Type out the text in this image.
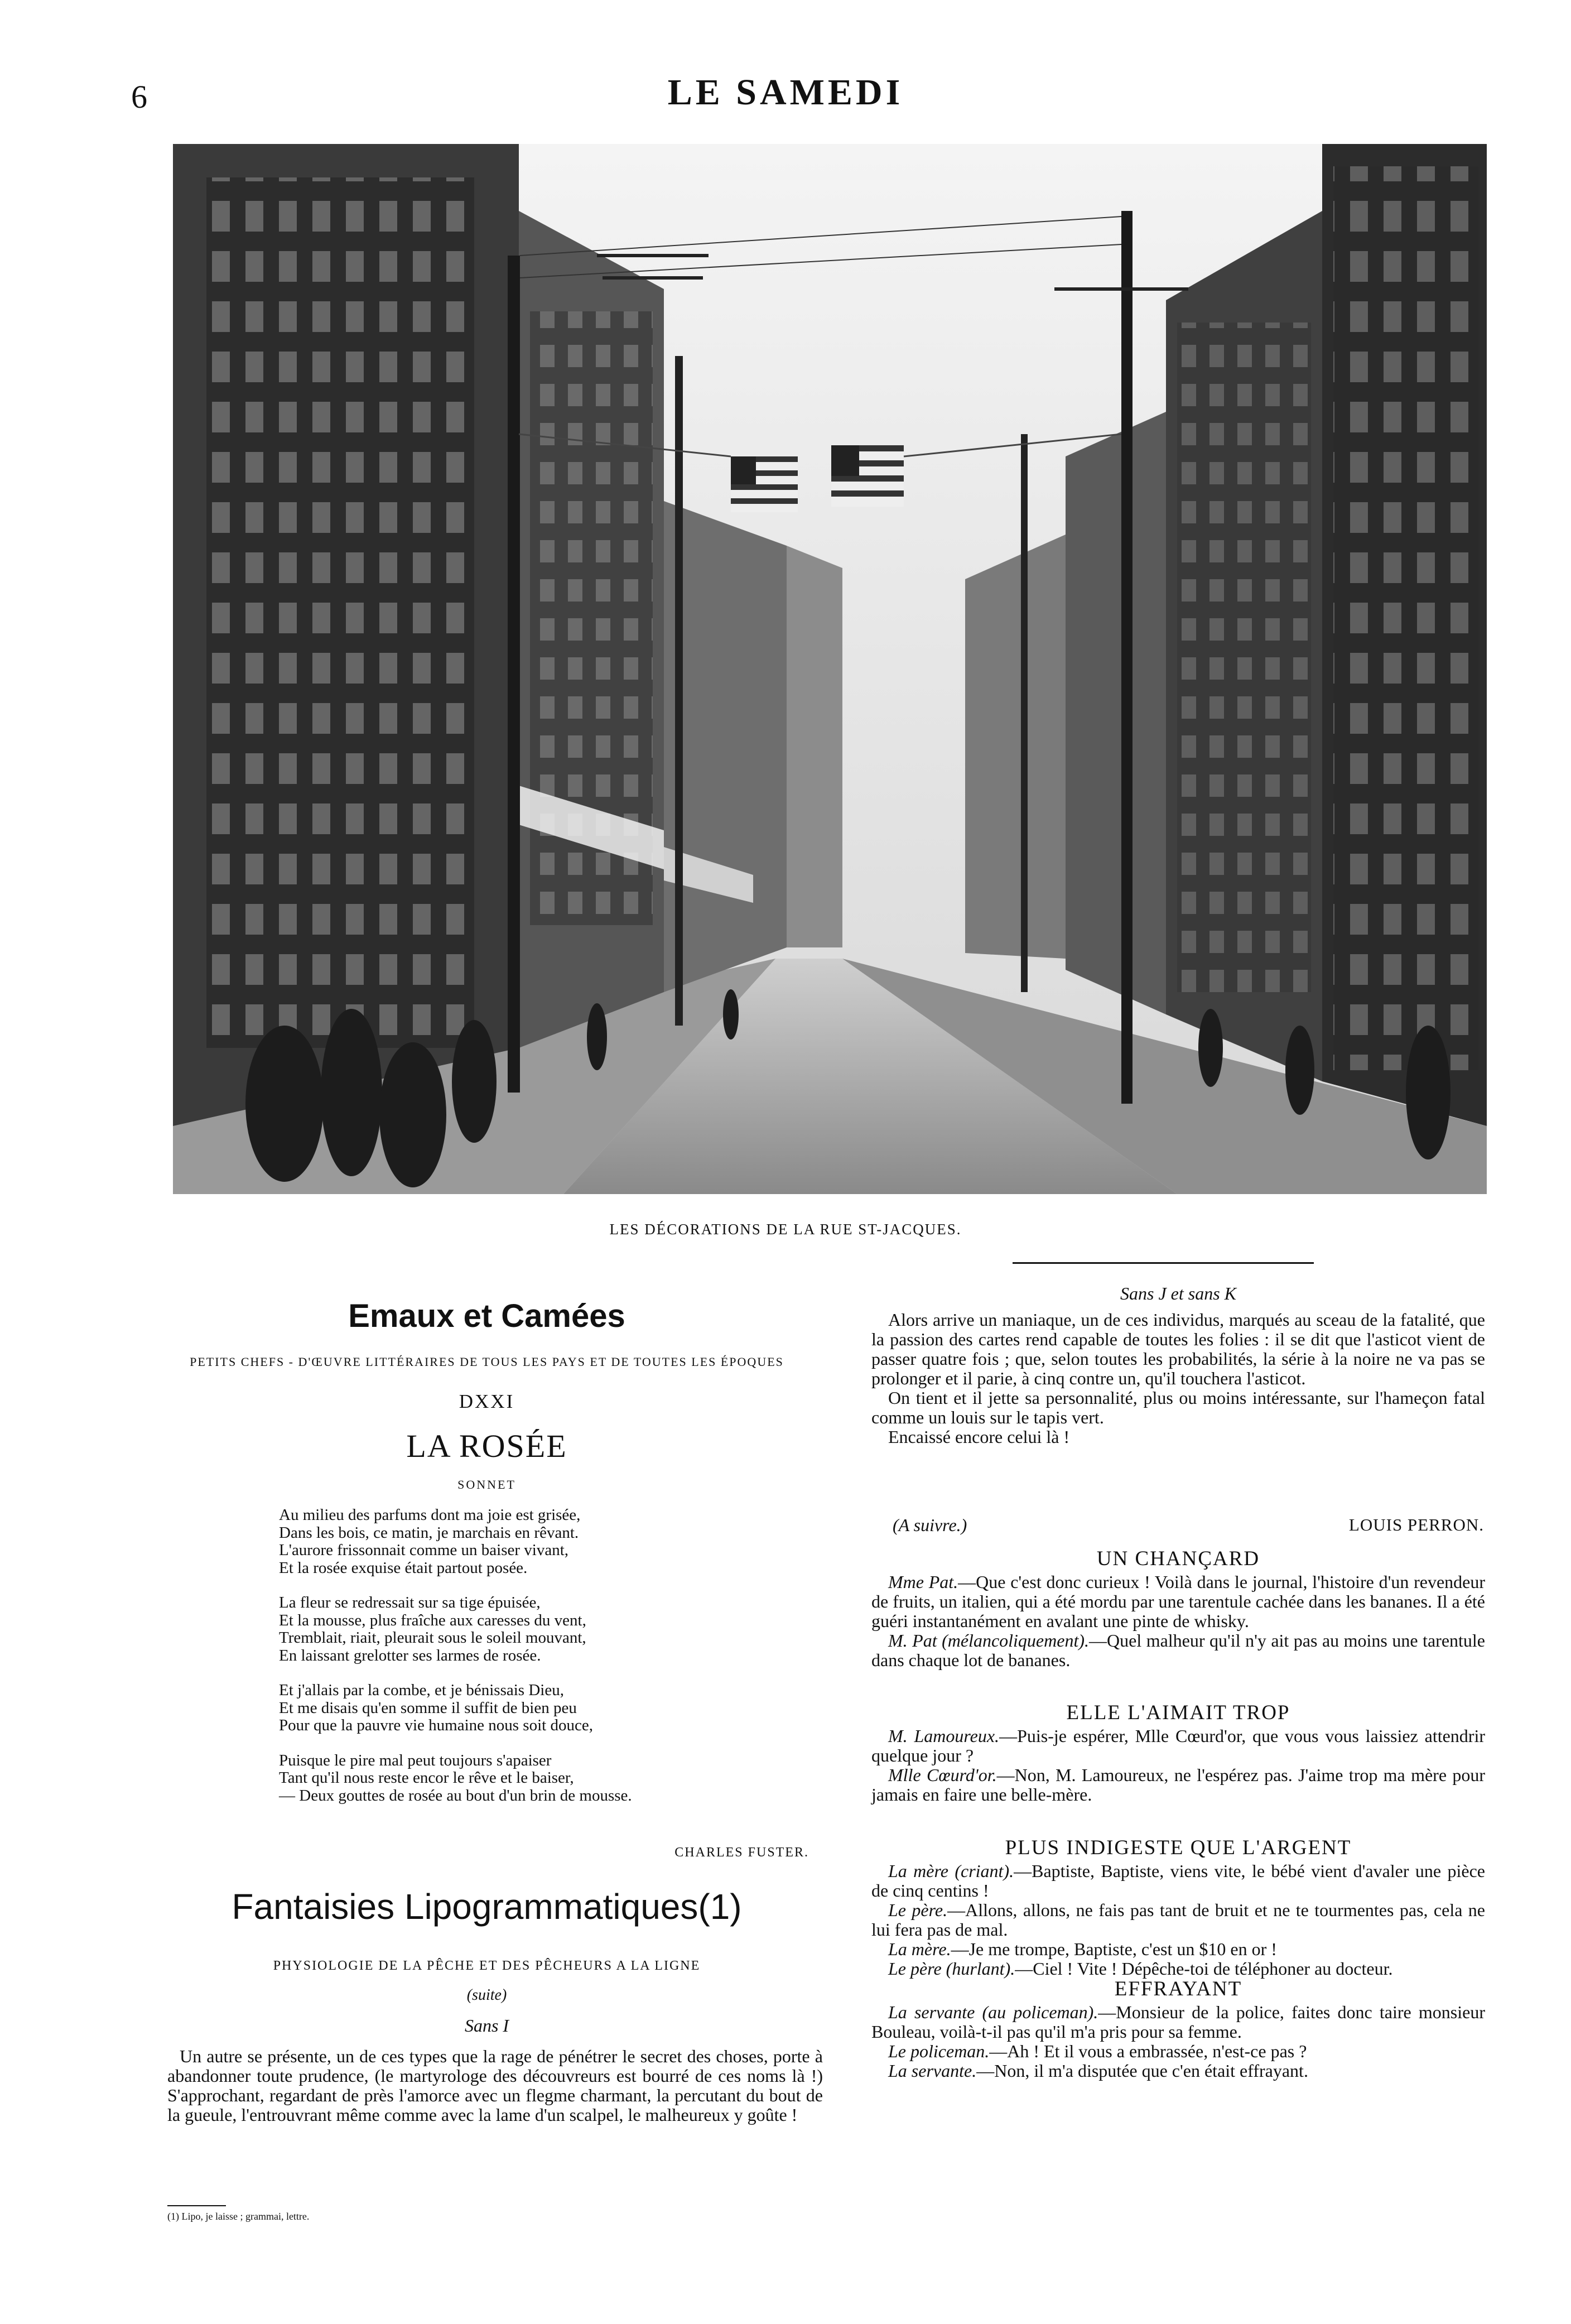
6	LE SAMEDI
LES DÉCORATIONS DE LA RUE ST-JACQUES.
Emaux et Camées
PETITS CHEFS - D'ŒUVRE LITTÉRAIRES DE TOUS LES PAYS ET DE TOUTES LES ÉPOQUES
DXXI
LA ROSÉE
SONNET
Au milieu des parfums dont ma joie est grisée,
Dans les bois, ce matin, je marchais en rêvant.
L'aurore frissonnait comme un baiser vivant,
Et la rosée exquise était partout posée.
La fleur se redressait sur sa tige épuisée,
Et la mousse, plus fraîche aux caresses du vent,
Tremblait, riait, pleurait sous le soleil mouvant,
En laissant grelotter ses larmes de rosée.
Et j'allais par la combe, et je bénissais Dieu,
Et me disais qu'en somme il suffit de bien peu
Pour que la pauvre vie humaine nous soit douce,
Puisque le pire mal peut toujours s'apaiser
Tant qu'il nous reste encor le rêve et le baiser,
— Deux gouttes de rosée au bout d'un brin de mousse.
CHARLES FUSTER.
Fantaisies Lipogrammatiques(1)
PHYSIOLOGIE DE LA PÊCHE ET DES PÊCHEURS A LA LIGNE
(suite)
Sans I
Un autre se présente, un de ces types que la rage de pénétrer le secret des choses, porte à abandonner toute prudence, (le martyrologe des découvreurs est bourré de ces noms là !) S'approchant, regardant de près l'amorce avec un flegme charmant, la percutant du bout de la gueule, l'entrouvrant même comme avec la lame d'un scalpel, le malheureux y goûte !
(1) Lipo, je laisse ; grammai, lettre.
Sans J et sans K

Alors arrive un maniaque, un de ces individus, marqués au sceau de la fatalité, que la passion des cartes rend capable de toutes les folies : il se dit que l'asticot vient de passer quatre fois ; que, selon toutes les probabilités, la série à la noire ne va pas se prolonger et il parie, à cinq contre un, qu'il touchera l'asticot.

On tient et il jette sa personnalité, plus ou moins intéressante, sur l'hameçon fatal comme un louis sur le tapis vert.

Encaissé encore celui là !

(A suivre.)	LOUIS PERRON.
UN CHANÇARD

Mme Pat.—Que c'est donc curieux ! Voilà dans le journal, l'histoire d'un revendeur de fruits, un italien, qui a été mordu par une tarentule cachée dans les bananes. Il a été guéri instantanément en avalant une pinte de whisky.

M. Pat (mélancoliquement).—Quel malheur qu'il n'y ait pas au moins une tarentule dans chaque lot de bananes.

ELLE L'AIMAIT TROP

M. Lamoureux.—Puis-je espérer, Mlle Cœurd'or, que vous vous laissiez attendrir quelque jour ?

Mlle Cœurd'or.—Non, M. Lamoureux, ne l'espérez pas. J'aime trop ma mère pour jamais en faire une belle-mère.

PLUS INDIGESTE QUE L'ARGENT

La mère (criant).—Baptiste, Baptiste, viens vite, le bébé vient d'avaler une pièce de cinq centins !

Le père.—Allons, allons, ne fais pas tant de bruit et ne te tourmentes pas, cela ne lui fera pas de mal.

La mère.—Je me trompe, Baptiste, c'est un $10 en or !

Le père (hurlant).—Ciel ! Vite ! Dépêche-toi de téléphoner au docteur.

EFFRAYANT

La servante (au policeman).—Monsieur de la police, faites donc taire monsieur Bouleau, voilà-t-il pas qu'il m'a pris pour sa femme.

Le policeman.—Ah ! Et il vous a embrassée, n'est-ce pas ?

La servante.—Non, il m'a disputée que c'en était effrayant.
